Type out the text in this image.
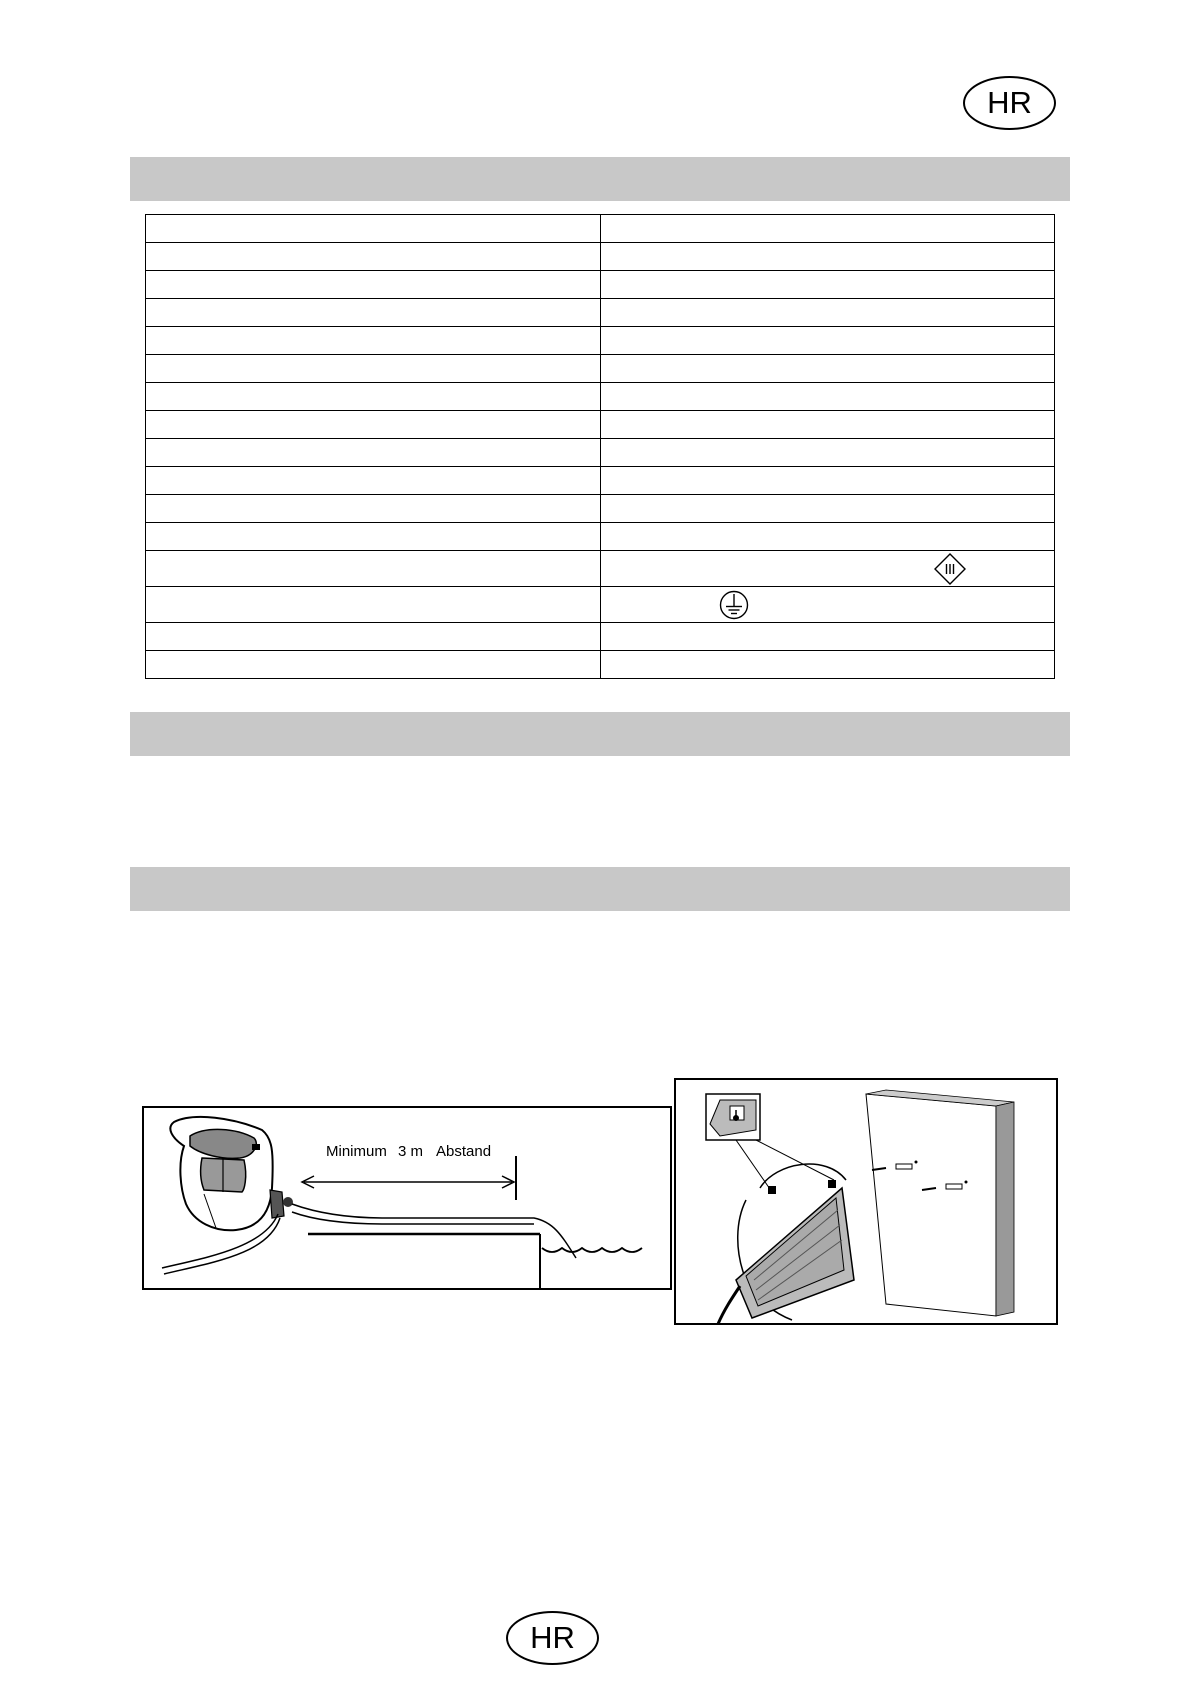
HR

Minimum 3 m Abstand
HR
